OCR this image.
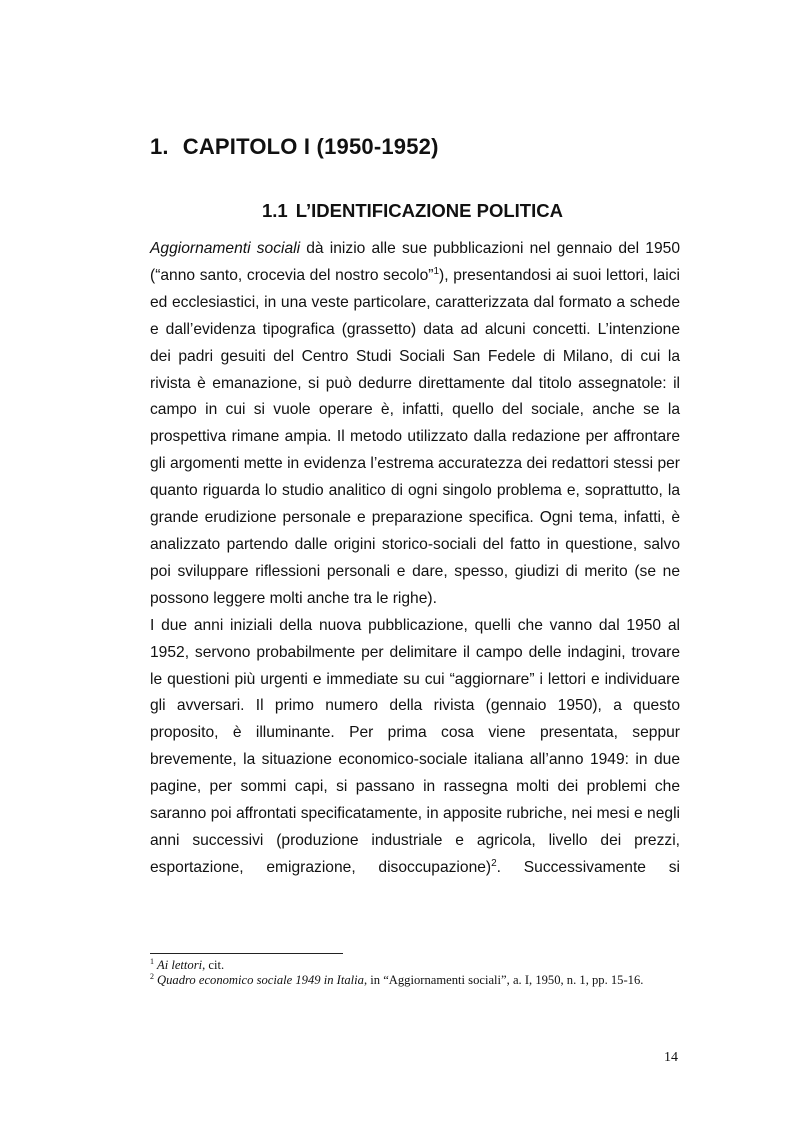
1. CAPITOLO I (1950-1952)
1.1 L’IDENTIFICAZIONE POLITICA

Aggiornamenti sociali dà inizio alle sue pubblicazioni nel gennaio del 1950 (“anno santo, crocevia del nostro secolo”$^1$), presentandosi ai suoi lettori, laici ed ecclesiastici, in una veste particolare, caratterizzata dal formato a schede e dall’evidenza tipografica (grassetto) data ad alcuni concetti. L’intenzione dei padri gesuiti del Centro Studi Sociali San Fedele di Milano, di cui la rivista è emanazione, si può dedurre direttamente dal titolo assegnatole: il campo in cui si vuole operare è, infatti, quello del sociale, anche se la prospettiva rimane ampia. Il metodo utilizzato dalla redazione per affrontare gli argomenti mette in evidenza l’estrema accuratezza dei redattori stessi per quanto riguarda lo studio analitico di ogni singolo problema e, soprattutto, la grande erudizione personale e preparazione specifica. Ogni tema, infatti, è analizzato partendo dalle origini storico-sociali del fatto in questione, salvo poi sviluppare riflessioni personali e dare, spesso, giudizi di merito (se ne possono leggere molti anche tra le righe).

I due anni iniziali della nuova pubblicazione, quelli che vanno dal 1950 al 1952, servono probabilmente per delimitare il campo delle indagini, trovare le questioni più urgenti e immediate su cui “aggiornare” i lettori e individuare gli avversari. Il primo numero della rivista (gennaio 1950), a questo proposito, è illuminante. Per prima cosa viene presentata, seppur brevemente, la situazione economico-sociale italiana all’anno 1949: in due pagine, per sommi capi, si passano in rassegna molti dei problemi che saranno poi affrontati specificatamente, in apposite rubriche, nei mesi e negli anni successivi (produzione industriale e agricola, livello dei prezzi, esportazione, emigrazione, disoccupazione)$^2$. Successivamente si

$^1$ Ai lettori, cit.
$^2$ Quadro economico sociale 1949 in Italia, in “Aggiornamenti sociali”, a. I, 1950, n. 1, pp. 15-16.
14
